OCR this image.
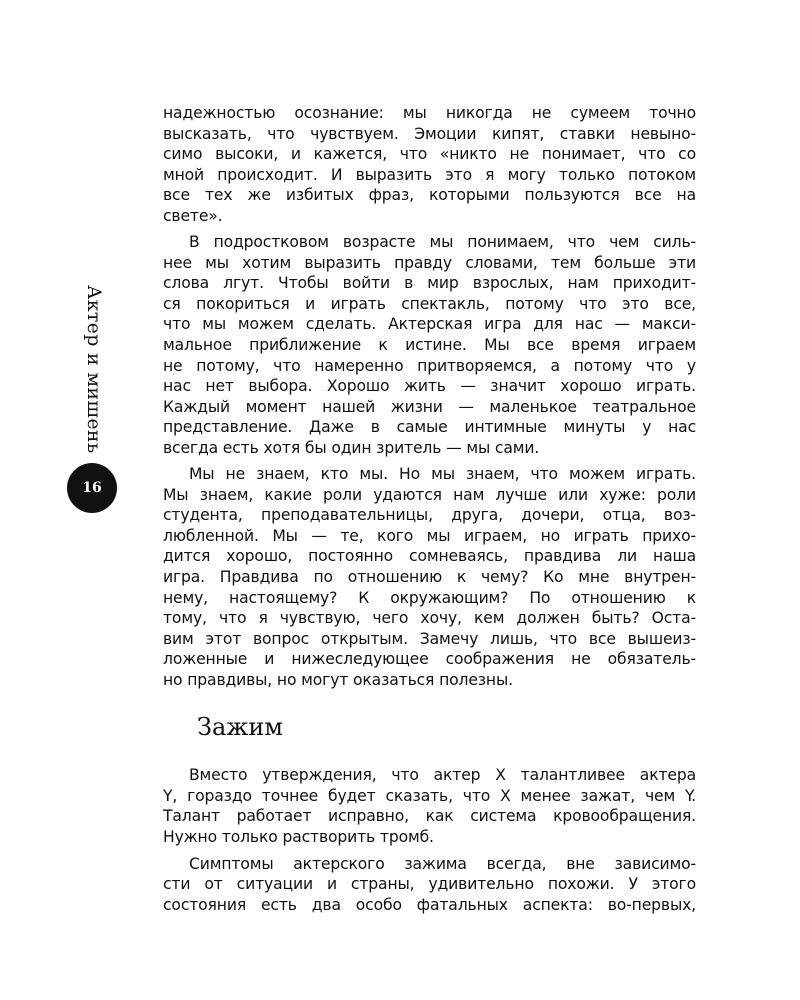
Актер и мишень
16
надежностью осознание: мы никогда не сумеем точно
высказать, что чувствуем. Эмоции кипят, ставки невыно-
симо высоки, и кажется, что «никто не понимает, что со
мной происходит. И выразить это я могу только потоком
все тех же избитых фраз, которыми пользуются все на
свете».
В подростковом возрасте мы понимаем, что чем силь-
нее мы хотим выразить правду словами, тем больше эти
слова лгут. Чтобы войти в мир взрослых, нам приходит-
ся покориться и играть спектакль, потому что это все,
что мы можем сделать. Актерская игра для нас — макси-
мальное приближение к истине. Мы все время играем
не потому, что намеренно притворяемся, а потому что у
нас нет выбора. Хорошо жить — значит хорошо играть.
Каждый момент нашей жизни — маленькое театральное
представление. Даже в самые интимные минуты у нас
всегда есть хотя бы один зритель — мы сами.
Мы не знаем, кто мы. Но мы знаем, что можем играть.
Мы знаем, какие роли удаются нам лучше или хуже: роли
студента, преподавательницы, друга, дочери, отца, воз-
любленной. Мы — те, кого мы играем, но играть прихо-
дится хорошо, постоянно сомневаясь, правдива ли наша
игра. Правдива по отношению к чему? Ко мне внутрен-
нему, настоящему? К окружающим? По отношению к
тому, что я чувствую, чего хочу, кем должен быть? Оста-
вим этот вопрос открытым. Замечу лишь, что все вышеиз-
ложенные и нижеследующее соображения не обязатель-
но правдивы, но могут оказаться полезны.
Зажим
Вместо утверждения, что актер X талантливее актера
Y, гораздо точнее будет сказать, что X менее зажат, чем Y.
Талант работает исправно, как система кровообращения.
Нужно только растворить тромб.
Симптомы актерского зажима всегда, вне зависимо-
сти от ситуации и страны, удивительно похожи. У этого
состояния есть два особо фатальных аспекта: во-первых,
